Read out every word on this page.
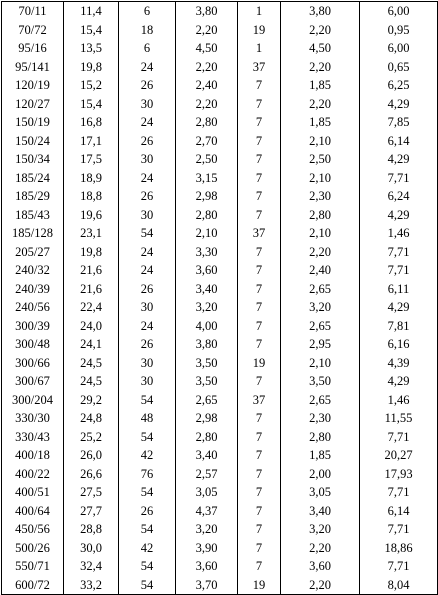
70/11	11,4	6	3,80	1	3,80	6,00
70/72	15,4	18	2,20	19	2,20	0,95
95/16	13,5	6	4,50	1	4,50	6,00
95/141	19,8	24	2,20	37	2,20	0,65
120/19	15,2	26	2,40	7	1,85	6,25
120/27	15,4	30	2,20	7	2,20	4,29
150/19	16,8	24	2,80	7	1,85	7,85
150/24	17,1	26	2,70	7	2,10	6,14
150/34	17,5	30	2,50	7	2,50	4,29
185/24	18,9	24	3,15	7	2,10	7,71
185/29	18,8	26	2,98	7	2,30	6,24
185/43	19,6	30	2,80	7	2,80	4,29
185/128	23,1	54	2,10	37	2,10	1,46
205/27	19,8	24	3,30	7	2,20	7,71
240/32	21,6	24	3,60	7	2,40	7,71
240/39	21,6	26	3,40	7	2,65	6,11
240/56	22,4	30	3,20	7	3,20	4,29
300/39	24,0	24	4,00	7	2,65	7,81
300/48	24,1	26	3,80	7	2,95	6,16
300/66	24,5	30	3,50	19	2,10	4,39
300/67	24,5	30	3,50	7	3,50	4,29
300/204	29,2	54	2,65	37	2,65	1,46
330/30	24,8	48	2,98	7	2,30	11,55
330/43	25,2	54	2,80	7	2,80	7,71
400/18	26,0	42	3,40	7	1,85	20,27
400/22	26,6	76	2,57	7	2,00	17,93
400/51	27,5	54	3,05	7	3,05	7,71
400/64	27,7	26	4,37	7	3,40	6,14
450/56	28,8	54	3,20	7	3,20	7,71
500/26	30,0	42	3,90	7	2,20	18,86
550/71	32,4	54	3,60	7	3,60	7,71
600/72	33,2	54	3,70	19	2,20	8,04
